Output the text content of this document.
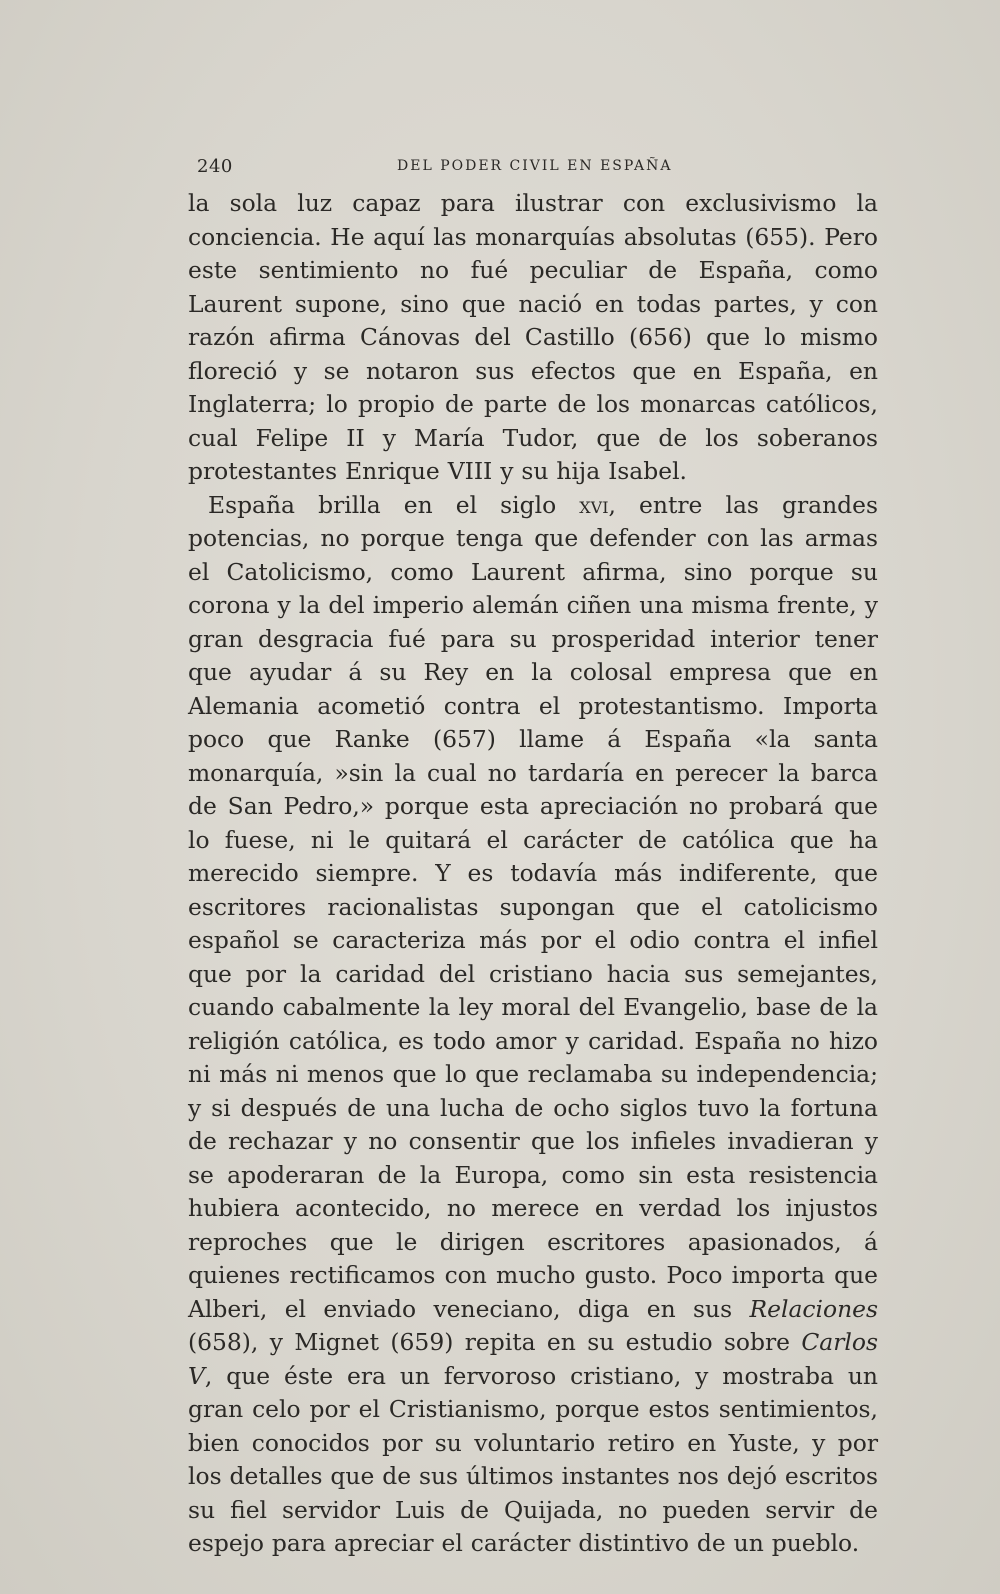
240	DEL PODER CIVIL EN ESPAÑA

la sola luz capaz para ilustrar con exclusivismo la conciencia. He aquí las monarquías absolutas (655). Pero este sentimiento no fué peculiar de España, como Laurent supone, sino que nació en todas partes, y con razón afirma Cánovas del Castillo (656) que lo mismo floreció y se notaron sus efectos que en España, en Inglaterra; lo propio de parte de los monarcas católicos, cual Felipe II y María Tudor, que de los soberanos protestantes Enrique VIII y su hija Isabel.

España brilla en el siglo xvi, entre las grandes potencias, no porque tenga que defender con las armas el Catolicismo, como Laurent afirma, sino porque su corona y la del imperio alemán ciñen una misma frente, y gran desgracia fué para su prosperidad interior tener que ayudar á su Rey en la colosal empresa que en Alemania acometió contra el protestantismo. Importa poco que Ranke (657) llame á España «la santa monarquía, »sin la cual no tardaría en perecer la barca de San Pedro,» porque esta apreciación no probará que lo fuese, ni le quitará el carácter de católica que ha merecido siempre. Y es todavía más indiferente, que escritores racionalistas supongan que el catolicismo español se caracteriza más por el odio contra el infiel que por la caridad del cristiano hacia sus semejantes, cuando cabalmente la ley moral del Evangelio, base de la religión católica, es todo amor y caridad. España no hizo ni más ni menos que lo que reclamaba su independencia; y si después de una lucha de ocho siglos tuvo la fortuna de rechazar y no consentir que los infieles invadieran y se apoderaran de la Europa, como sin esta resistencia hubiera acontecido, no merece en verdad los injustos reproches que le dirigen escritores apasionados, á quienes rectificamos con mucho gusto. Poco importa que Alberi, el enviado veneciano, diga en sus Relaciones (658), y Mignet (659) repita en su estudio sobre Carlos V, que éste era un fervoroso cristiano, y mostraba un gran celo por el Cristianismo, porque estos sentimientos, bien conocidos por su voluntario retiro en Yuste, y por los detalles que de sus últimos instantes nos dejó escritos su fiel servidor Luis de Quijada, no pueden servir de espejo para apreciar el carácter distintivo de un pueblo.
